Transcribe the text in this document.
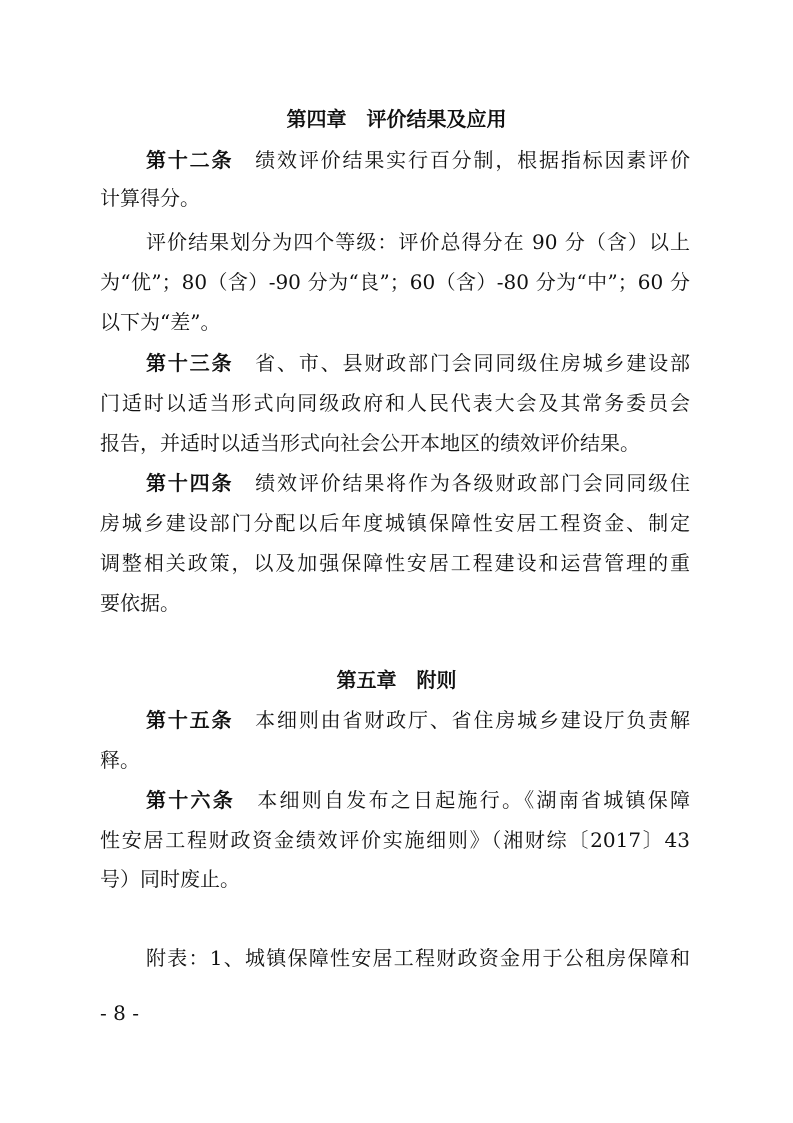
第四章　评价结果及应用
第十二条　绩效评价结果实行百分制，根据指标因素评价
计算得分。
评价结果划分为四个等级：评价总得分在 90 分（含）以上
为“优”；80（含）-90 分为“良”；60（含）-80 分为“中”；60 分
以下为“差”。
第十三条　省、市、县财政部门会同同级住房城乡建设部
门适时以适当形式向同级政府和人民代表大会及其常务委员会
报告，并适时以适当形式向社会公开本地区的绩效评价结果。
第十四条　绩效评价结果将作为各级财政部门会同同级住
房城乡建设部门分配以后年度城镇保障性安居工程资金、制定
调整相关政策，以及加强保障性安居工程建设和运营管理的重
要依据。
第五章　附则
第十五条　本细则由省财政厅、省住房城乡建设厅负责解
释。
第十六条　本细则自发布之日起施行。《湖南省城镇保障
性安居工程财政资金绩效评价实施细则》（湘财综〔2017〕43
号）同时废止。
附表：1、城镇保障性安居工程财政资金用于公租房保障和
- 8 -
